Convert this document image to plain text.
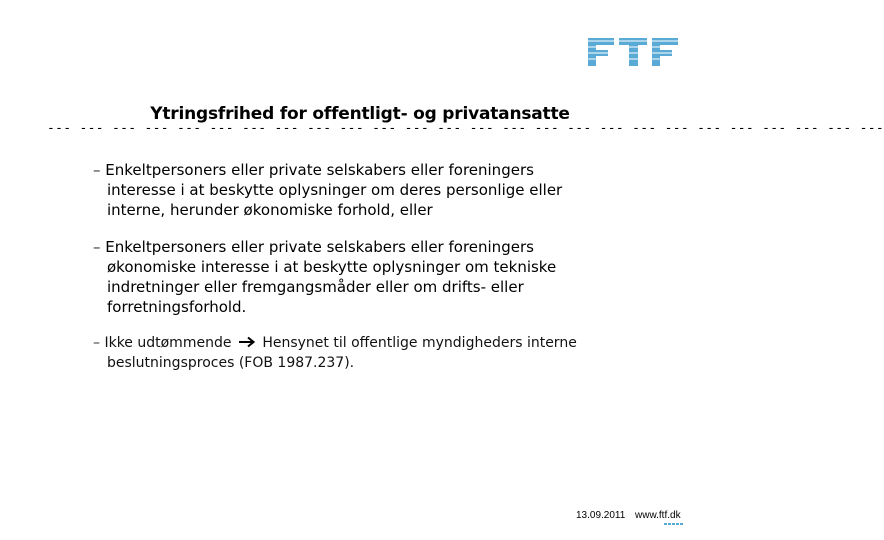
Ytringsfrihed for offentligt- og privatansatte
--- --- --- --- --- --- --- --- --- --- --- --- --- --- --- --- --- --- --- --- --- --- --- --- --- ---
– Enkeltpersoners eller private selskabers eller foreningers
interesse i at beskytte oplysninger om deres personlige eller
interne, herunder økonomiske forhold, eller
– Enkeltpersoners eller private selskabers eller foreningers
økonomiske interesse i at beskytte oplysninger om tekniske
indretninger eller fremgangsmåder eller om drifts- eller
forretningsforhold.
– Ikke udtømmende Hensynet til offentlige myndigheders interne
beslutningsproces (FOB 1987.237).
13.09.2011 www.ftf.dk
